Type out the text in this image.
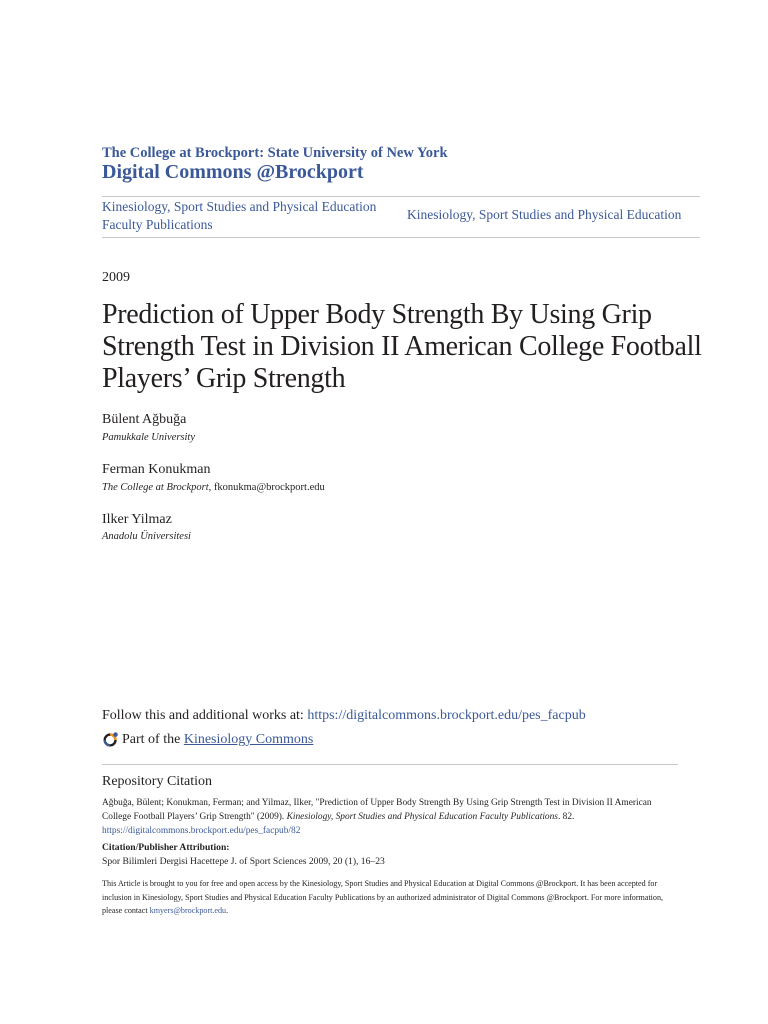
The College at Brockport: State University of New York
Digital Commons @Brockport
Kinesiology, Sport Studies and Physical Education Faculty Publications
Kinesiology, Sport Studies and Physical Education
2009
Prediction of Upper Body Strength By Using Grip Strength Test in Division II American College Football Players’ Grip Strength
Bülent Ağbuğa
Pamukkale University
Ferman Konukman
The College at Brockport, fkonukma@brockport.edu
Ilker Yilmaz
Anadolu Üniversitesi
Follow this and additional works at: https://digitalcommons.brockport.edu/pes_facpub
Part of the
Kinesiology Commons
Repository Citation
Ağbuğa, Bülent; Konukman, Ferman; and Yilmaz, Ilker, "Prediction of Upper Body Strength By Using Grip Strength Test in Division II American College Football Players’ Grip Strength" (2009). Kinesiology, Sport Studies and Physical Education Faculty Publications. 82.
https://digitalcommons.brockport.edu/pes_facpub/82
Citation/Publisher Attribution:
Spor Bilimleri Dergisi Hacettepe J. of Sport Sciences 2009, 20 (1), 16–23
This Article is brought to you for free and open access by the Kinesiology, Sport Studies and Physical Education at Digital Commons @Brockport. It has been accepted for inclusion in Kinesiology, Sport Studies and Physical Education Faculty Publications by an authorized administrator of Digital Commons @Brockport. For more information, please contact kmyers@brockport.edu.
